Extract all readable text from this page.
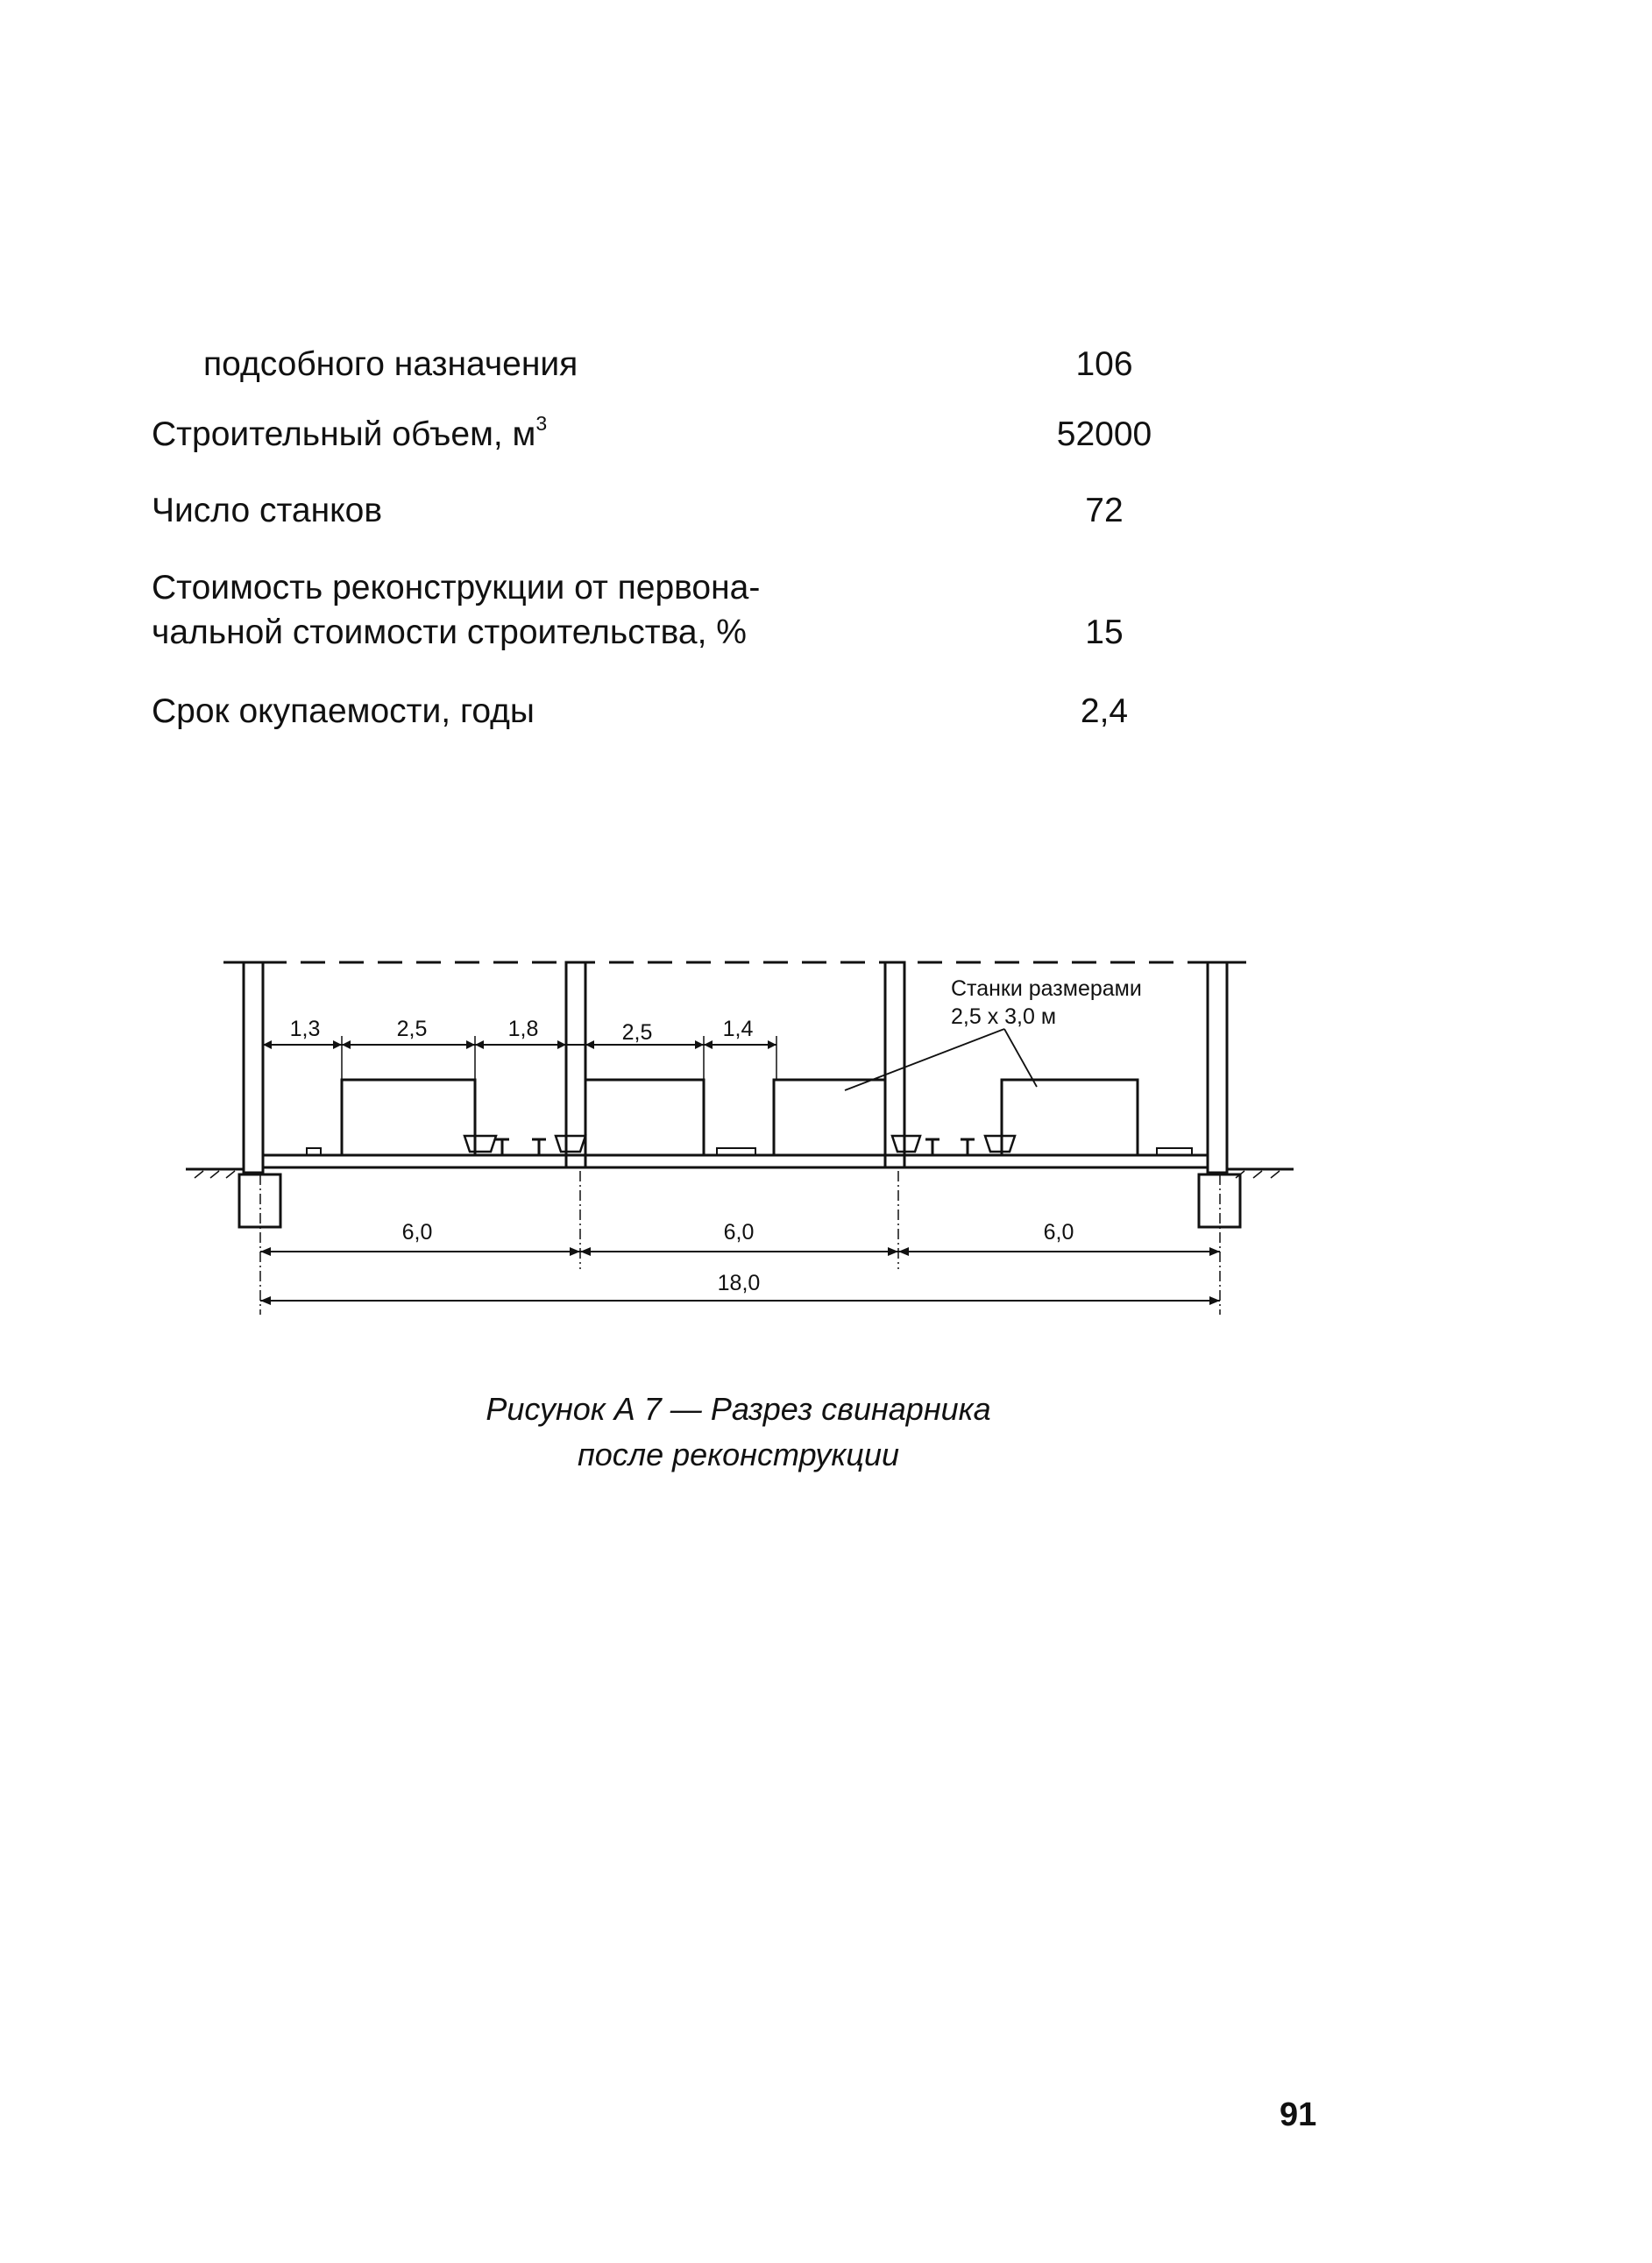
подсобного назначения	106
Строительный объем, $м^3$	52000
Число станков	72
Стоимость реконструкции от первона-
чальной стоимости строительства, %	15
Срок окупаемости, годы	2,4
1,3	2,5	1,8	2,5	1,4
Станки размерами
2,5 х 3,0 м
6,0	6,0	6,0
18,0
Рисунок А 7 — Разрез свинарника
после реконструкции
91
